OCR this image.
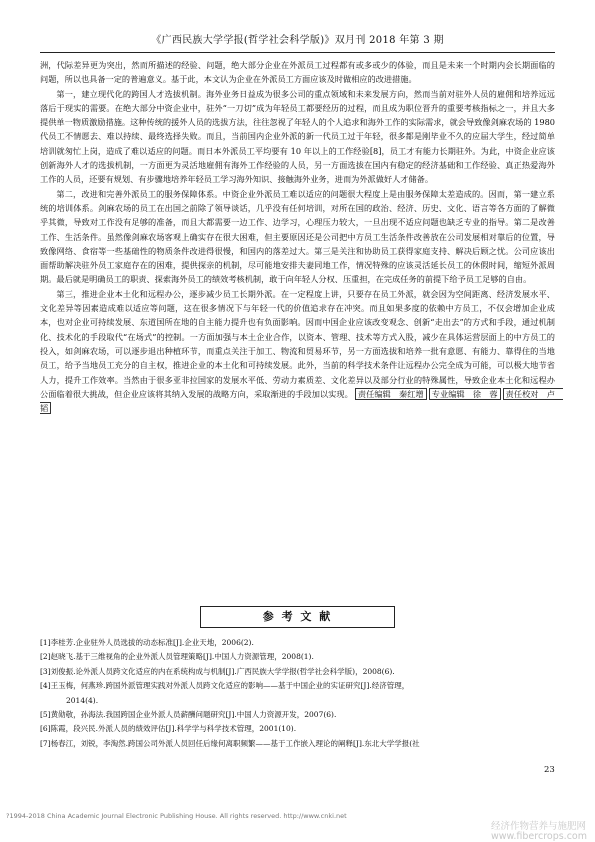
《广西民族大学学报(哲学社会科学版)》双月刊 2018 年第 3 期

洲，代际差异更为突出，然而所描述的经验、问题，绝大部分企业在外派员工过程都有或多或少的体验，而且是未来一个时期内会长期面临的问题，所以也具备一定的普遍意义。基于此，本文认为企业在外派员工方面应该及时做相应的改进措施。

第一，建立现代化的跨国人才选拔机制。海外业务日益成为很多公司的重点领域和未来发展方向，然而当前对驻外人员的雇佣和培养远远落后于现实的需要。在绝大部分中资企业中，驻外“一刀切”成为年轻员工都要经历的过程，而且成为职位晋升的重要考核指标之一，并且大多提供单一物质激励措施。这种传统的援外人员的选拔方法，往往忽视了年轻人的个人追求和海外工作的实际需求，就会导致像剑麻农场的 1980 代员工不情愿去、难以持续、最终选择失败。而且，当前国内企业外派的新一代员工过于年轻，很多都是刚毕业不久的应届大学生，经过简单培训就匆忙上岗，造成了难以适应的问题。而日本外派员工平均要有 10 年以上的工作经验[8]，员工才有能力长期驻外。为此，中资企业应该创新海外人才的选拔机制，一方面更为灵活地雇佣有海外工作经验的人员，另一方面选拔在国内有稳定的经济基础和工作经验、真正热爱海外工作的人员，还要有规划、有步骤地培养年轻员工学习海外知识、接触海外业务，进而为外派做好人才储备。

第二，改进和完善外派员工的服务保障体系。中资企业外派员工难以适应的问题很大程度上是由服务保障太差造成的。因而，第一建立系统的培训体系。剑麻农场的员工在出国之前除了领导谈话，几乎没有任何培训，对所在国的政治、经济、历史、文化、语言等各方面的了解微乎其微，导致对工作没有足够的准备，而且大都需要一边工作、边学习，心理压力较大，一旦出现不适应问题也缺乏专业的指导。第二是改善工作、生活条件。虽然像剑麻农场客观上确实存在很大困难，但主要原因还是公司把中方员工生活条件改善放在公司发展相对靠后的位置，导致像网络、食宿等一些基础性的物质条件改进得很慢，和国内的落差过大。第三是关注和协助员工获得家庭支持、解决后顾之忧。公司应该出面帮助解决驻外员工家庭存在的困难，提供探亲的机制，尽可能地安排夫妻同地工作，情况特殊的应该灵活延长员工的休假时间，缩短外派周期。最后就是明确员工的职责、探索海外员工的绩效考核机制，敢于向年轻人分权、压重担，在完成任务的前提下给予员工足够的自由。

第三，推进企业本土化和远程办公，逐步减少员工长期外派。在一定程度上讲，只要存在员工外派，就会因为空间距离、经济发展水平、文化差异等因素造成难以适应等问题，这在很多情况下与年轻一代的价值追求存在冲突。而且如果多度的依赖中方员工，不仅会增加企业成本，也对企业可持续发展、东道国所在地的自主能力提升也有负面影响。因而中国企业应该改变观念、创新“走出去”的方式和手段，通过机制化、技术化的手段取代“在场式”的控制。一方面加强与本土企业合作，以资本、管理、技术等方式入股，减少在具体运营层面上的中方员工的投入，如剑麻农场，可以逐步退出种植环节，而重点关注于加工、物流和贸易环节，另一方面选拔和培养一批有意愿、有能力、靠得住的当地员工，给予当地员工充分的自主权，推进企业的本土化和可持续发展。此外，当前的科学技术条件让远程办公完全成为可能，可以极大地节省人力，提升工作效率。当然由于很多亚非拉国家的发展水平低、劳动力素质差、文化差异以及部分行业的特殊属性，导致企业本土化和远程办公面临着很大挑战，但企业应该将其纳入发展的战略方向，采取渐进的手段加以实现。 责任编辑　秦红增 专业编辑　徐　蓉 责任校对　卢　韬

参 考 文 献

[1]李桂芳.企业驻外人员选拔的动态标准[J].企业天地，2006(2).

[2]赵晓飞.基于三维视角的企业外派人员管理策略[J].中国人力资源管理，2008(1).

[3]刘俊振.论外派人员跨文化适应的内在系统构成与机制[J].广西民族大学学报(哲学社会科学版)，2008(6).

[4]王玉梅，何燕珍.跨国外派管理实践对外派人员跨文化适应的影响——基于中国企业的实证研究[J].经济管理，

2014(4).

[5]黄勋敬，孙海法.我国跨国企业外派人员薪酬问题研究[J].中国人力资源开发，2007(6).

[6]陈霞，段兴民.外派人员的绩效评估[J].科学学与科学技术管理，2001(10).

[7]杨春江，刘锐，李淘然.跨国公司外派人员回任后缘何离职频繁——基于工作嵌入理论的阐释[J].东北大学学报(社

23
?1994-2018 China Academic Journal Electronic Publishing House. All rights reserved. http://www.cnki.net
经济作物营养与施肥网
www.fibercrops.com
